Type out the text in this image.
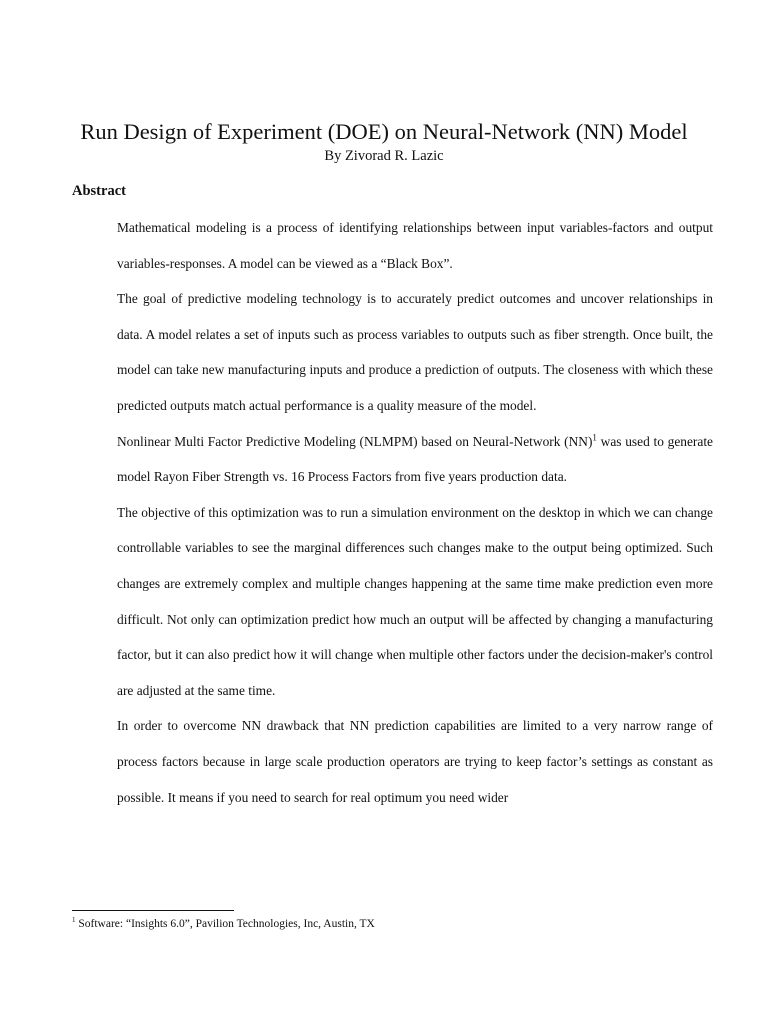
Run Design of Experiment (DOE) on Neural-Network (NN) Model

By Zivorad R. Lazic

Abstract

Mathematical modeling is a process of identifying relationships between input variables-factors and output variables-responses. A model can be viewed as a “Black Box”.

The goal of predictive modeling technology is to accurately predict outcomes and uncover relationships in data. A model relates a set of inputs such as process variables to outputs such as fiber strength. Once built, the model can take new manufacturing inputs and produce a prediction of outputs. The closeness with which these predicted outputs match actual performance is a quality measure of the model.

Nonlinear Multi Factor Predictive Modeling (NLMPM) based on Neural-Network (NN)$^1$ was used to generate model Rayon Fiber Strength vs. 16 Process Factors from five years production data.

The objective of this optimization was to run a simulation environment on the desktop in which we can change controllable variables to see the marginal differences such changes make to the output being optimized. Such changes are extremely complex and multiple changes happening at the same time make prediction even more difficult. Not only can optimization predict how much an output will be affected by changing a manufacturing factor, but it can also predict how it will change when multiple other factors under the decision-maker's control are adjusted at the same time.

In order to overcome NN drawback that NN prediction capabilities are limited to a very narrow range of process factors because in large scale production operators are trying to keep factor’s settings as constant as possible. It means if you need to search for real optimum you need wider

$^1$ Software: “Insights 6.0”, Pavilion Technologies, Inc, Austin, TX
